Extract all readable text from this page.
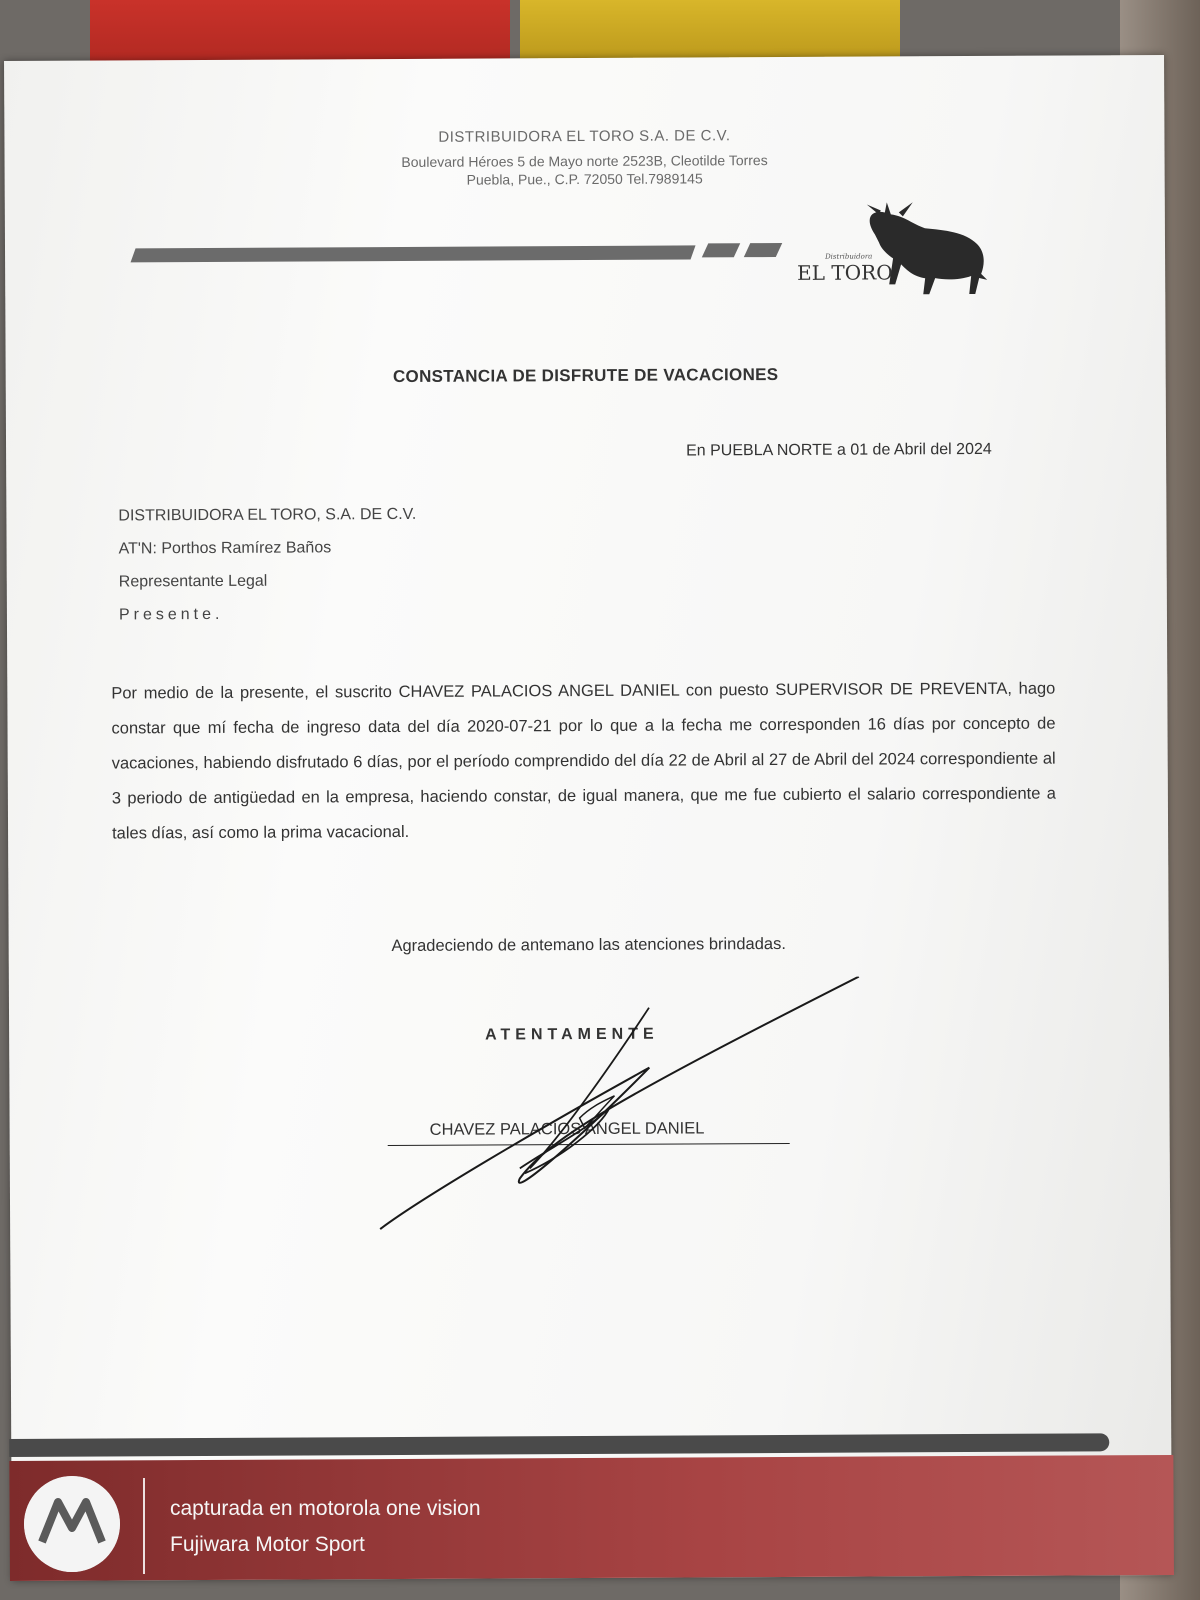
DISTRIBUIDORA EL TORO S.A. DE C.V.
Boulevard Héroes 5 de Mayo norte 2523B, Cleotilde Torres
Puebla, Pue., C.P. 72050 Tel.7989145
Distribuidora
EL TORO
CONSTANCIA DE DISFRUTE DE VACACIONES
En PUEBLA NORTE a 01 de Abril del 2024
DISTRIBUIDORA EL TORO, S.A. DE C.V.
AT'N: Porthos Ramírez Baños
Representante Legal
Presente.
Por medio de la presente, el suscrito CHAVEZ PALACIOS ANGEL DANIEL con puesto SUPERVISOR DE PREVENTA, hago constar que mí fecha de ingreso data del día 2020-07-21 por lo que a la fecha me corresponden 16 días por concepto de vacaciones, habiendo disfrutado 6 días, por el período comprendido del día 22 de Abril al 27 de Abril del 2024 correspondiente al 3 periodo de antigüedad en la empresa, haciendo constar, de igual manera, que me fue cubierto el salario correspondiente a tales días, así como la prima vacacional.
Agradeciendo de antemano las atenciones brindadas.
ATENTAMENTE
CHAVEZ PALACIOS ANGEL DANIEL
capturada en motorola one vision
Fujiwara Motor Sport
